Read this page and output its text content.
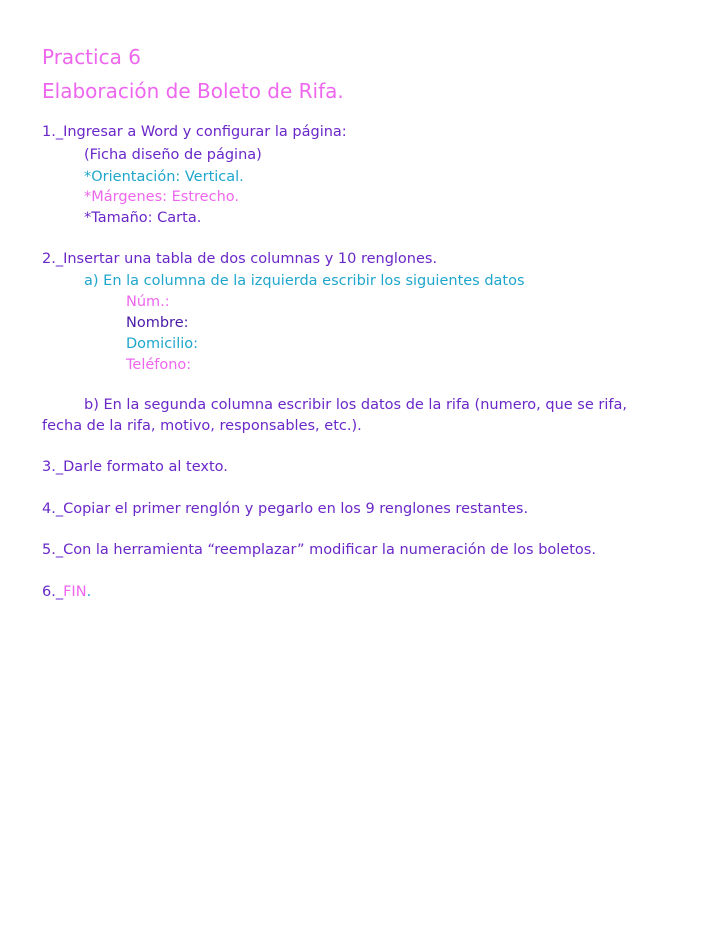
Practica 6
Elaboración de Boleto de Rifa.
1._Ingresar a Word y configurar la página:
(Ficha diseño de página)
*Orientación: Vertical.
*Márgenes: Estrecho.
*Tamaño: Carta.
2._Insertar una tabla de dos columnas y 10 renglones.
a) En la columna de la izquierda escribir los siguientes datos
Núm.:
Nombre:
Domicilio:
Teléfono:
b) En la segunda columna escribir los datos de la rifa (numero, que se rifa,
fecha de la rifa, motivo, responsables, etc.).
3._Darle formato al texto.
4._Copiar el primer renglón y pegarlo en los 9 renglones restantes.
5._Con la herramienta “reemplazar” modificar la numeración de los boletos.
6._FIN.
